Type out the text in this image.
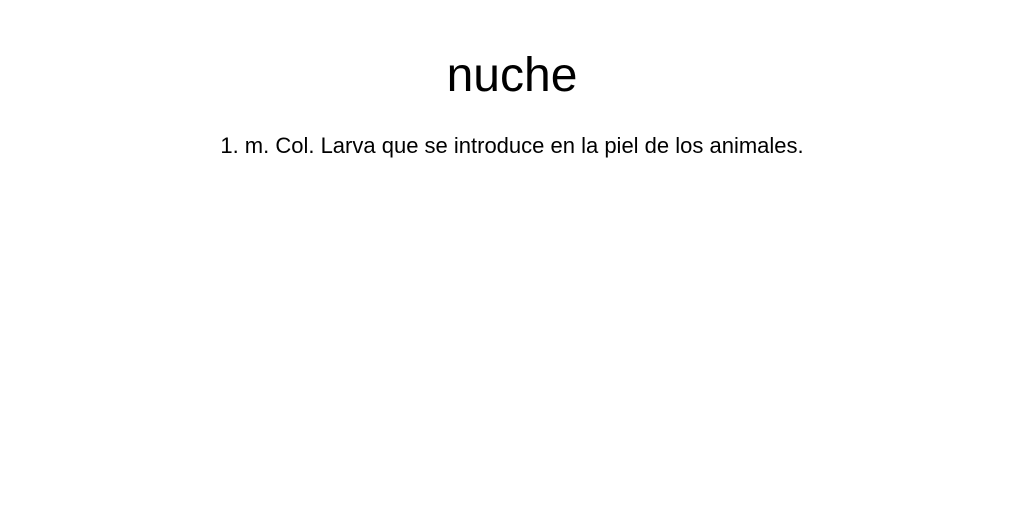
nuche

1. m. Col. Larva que se introduce en la piel de los animales.
